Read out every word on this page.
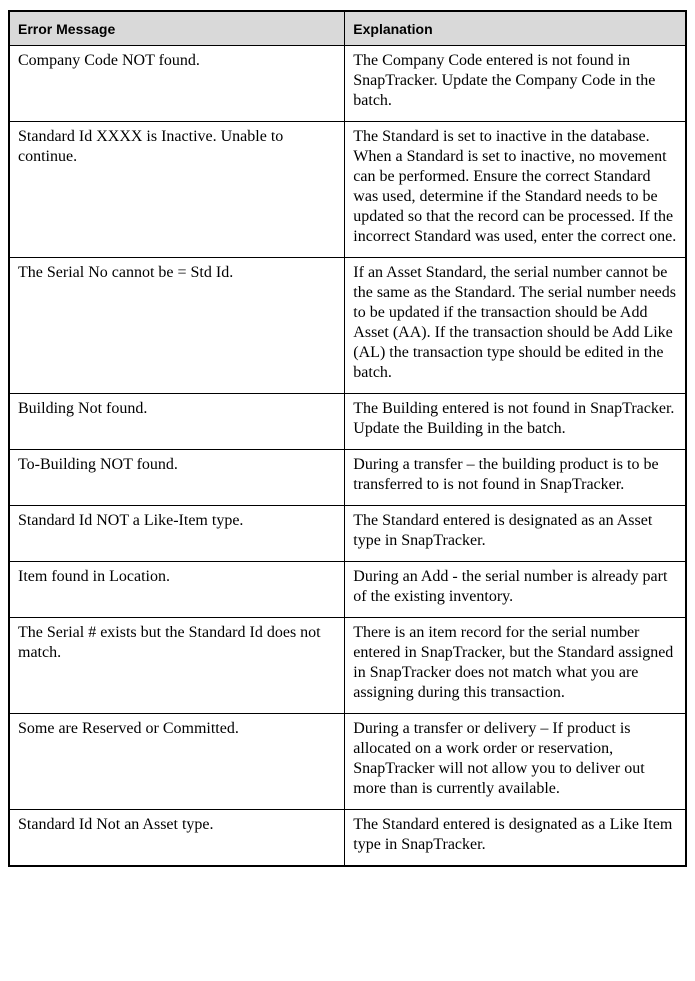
Error Message	Explanation
Company Code NOT found.	The Company Code entered is not found in SnapTracker. Update the Company Code in the batch.
Standard Id XXXX is Inactive. Unable to continue.	The Standard is set to inactive in the database. When a Standard is set to inactive, no movement can be performed. Ensure the correct Standard was used, determine if the Standard needs to be updated so that the record can be processed. If the incorrect Standard was used, enter the correct one.
The Serial No cannot be = Std Id.	If an Asset Standard, the serial number cannot be the same as the Standard. The serial number needs to be updated if the transaction should be Add Asset (AA). If the transaction should be Add Like (AL) the transaction type should be edited in the batch.
Building Not found.	The Building entered is not found in SnapTracker. Update the Building in the batch.
To-Building NOT found.	During a transfer – the building product is to be transferred to is not found in SnapTracker.
Standard Id NOT a Like-Item type.	The Standard entered is designated as an Asset type in SnapTracker.
Item found in Location.	During an Add - the serial number is already part of the existing inventory.
The Serial # exists but the Standard Id does not match.	There is an item record for the serial number entered in SnapTracker, but the Standard assigned in SnapTracker does not match what you are assigning during this transaction.
Some are Reserved or Committed.	During a transfer or delivery – If product is allocated on a work order or reservation, SnapTracker will not allow you to deliver out more than is currently available.
Standard Id Not an Asset type.	The Standard entered is designated as a Like Item type in SnapTracker.
